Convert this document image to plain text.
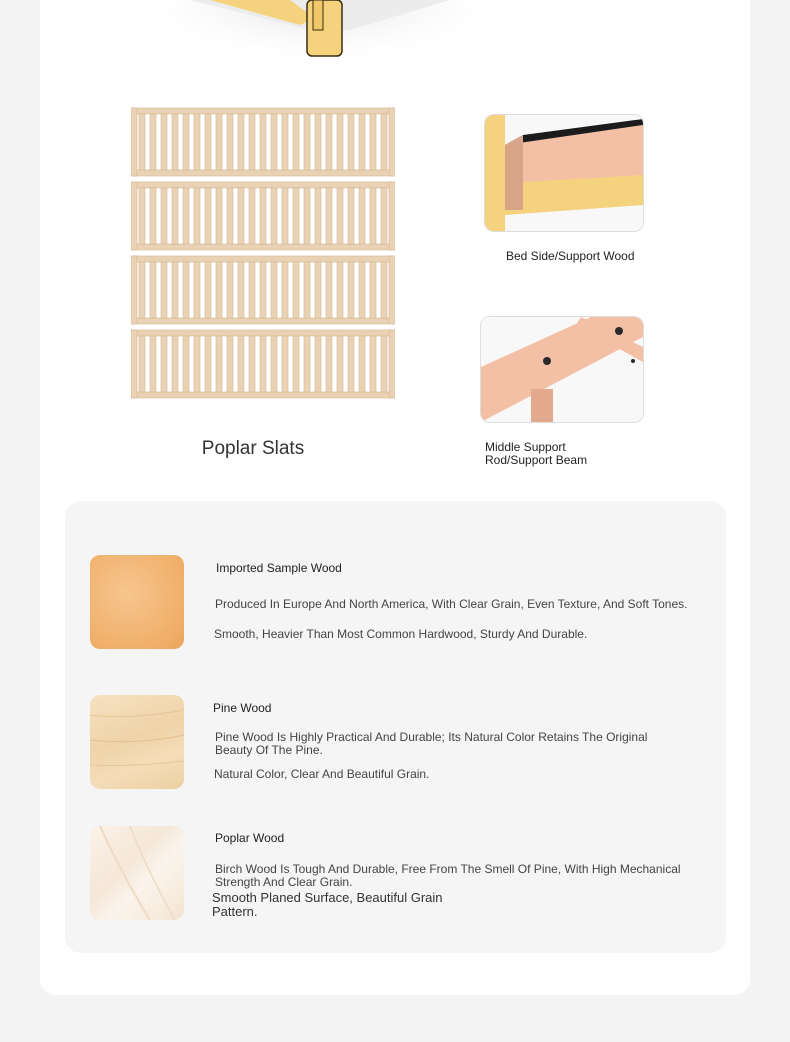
Poplar Slats
Bed Side/Support Wood
Middle Support
Rod/Support Beam
Imported Sample Wood
Produced In Europe And North America, With Clear Grain, Even Texture, And Soft Tones.
Smooth, Heavier Than Most Common Hardwood, Sturdy And Durable.
Pine Wood
Pine Wood Is Highly Practical And Durable; Its Natural Color Retains The Original
Beauty Of The Pine.
Natural Color, Clear And Beautiful Grain.
Poplar Wood
Birch Wood Is Tough And Durable, Free From The Smell Of Pine, With High Mechanical
Strength And Clear Grain.
Smooth Planed Surface, Beautiful Grain
Pattern.
